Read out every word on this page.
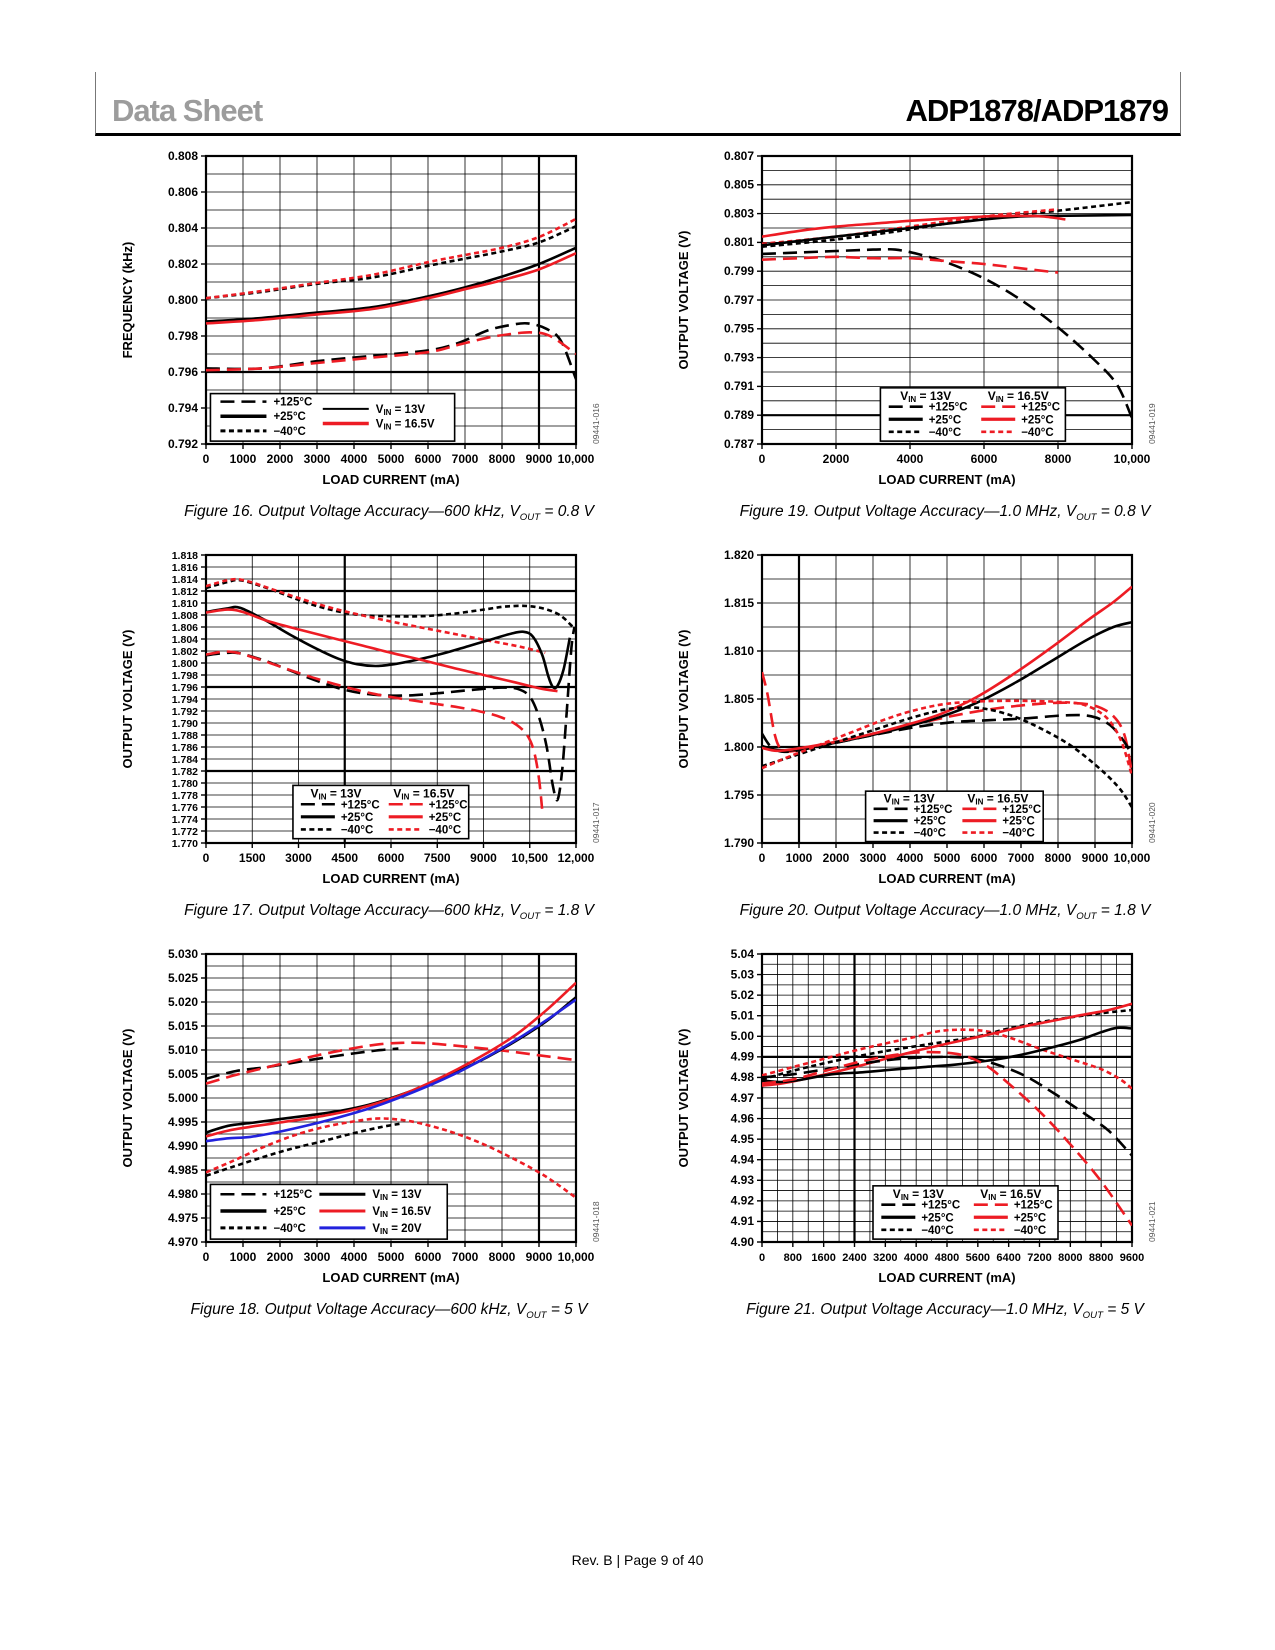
Data Sheet	ADP1878/ADP1879
0 1000 2000 3000 4000 5000 6000 7000 8000 9000 10,000
0.792
0.794
0.796
0.798
0.800
0.802
0.804
0.806
0.808
FREQUENCY (kHz)
LOAD CURRENT (mA)
+125°C
+25°C
−40°C
VIN = 13V
VIN = 16.5V	09441-016
Figure 16. Output Voltage Accuracy—600 kHz, $V_{OUT} = 0.8$ V
0	2000	4000	6000	8000	10,000
0.787
0.789
0.791
0.793
0.795
0.797
0.799
0.801
0.803
0.805
0.807
OUTPUT VOLTAGE (V)
LOAD CURRENT (mA)
VIN = 13V
+125°C
+25°C
−40°C
VIN = 16.5V
+125°C
+25°C
−40°C	09441-019
Figure 19. Output Voltage Accuracy—1.0 MHz, $V_{OUT} = 0.8$ V
0 1500 3000 4500 6000 7500 9000 10,500 12,000
1.770
1.772
1.774
1.776
1.778
1.780
1.782
1.784
1.786
1.788
1.790
1.792
1.794
1.796
1.798
1.800
1.802
1.804
1.806
1.808
1.810
1.812
1.814
1.816
1.818
OUTPUT VOLTAGE (V)
LOAD CURRENT (mA)
VIN = 13V
+125°C
+25°C
−40°C
VIN = 16.5V
+125°C
+25°C
−40°C	09441-017
Figure 17. Output Voltage Accuracy—600 kHz, $V_{OUT} = 1.8$ V
0 1000 2000 3000 4000 5000 6000 7000 8000 9000 10,000
1.790
1.795
1.800
1.805
1.810
1.815
1.820
OUTPUT VOLTAGE (V)
LOAD CURRENT (mA)
VIN = 13V
+125°C
+25°C
−40°C
VIN = 16.5V
+125°C
+25°C
−40°C	09441-020
Figure 20. Output Voltage Accuracy—1.0 MHz, $V_{OUT} = 1.8$ V
0 1000 2000 3000 4000 5000 6000 7000 8000 9000 10,000
4.970
4.975
4.980
4.985
4.990
4.995
5.000
5.005
5.010
5.015
5.020
5.025
5.030
OUTPUT VOLTAGE (V)
LOAD CURRENT (mA)
+125°C
+25°C
−40°C
VIN = 13V
VIN = 16.5V
VIN = 20V	09441-018
Figure 18. Output Voltage Accuracy—600 kHz, $V_{OUT} = 5$ V
0 800 1600 2400 3200 4000 4800 5600 6400 7200 8000 8800 9600
4.90
4.91
4.92
4.93
4.94
4.95
4.96
4.97
4.98
4.99
5.00
5.01
5.02
5.03
5.04
OUTPUT VOLTAGE (V)
LOAD CURRENT (mA)
VIN = 13V
+125°C
+25°C
−40°C
VIN = 16.5V
+125°C
+25°C
−40°C	09441-021
Figure 21. Output Voltage Accuracy—1.0 MHz, $V_{OUT} = 5$ V
Rev. B | Page 9 of 40
